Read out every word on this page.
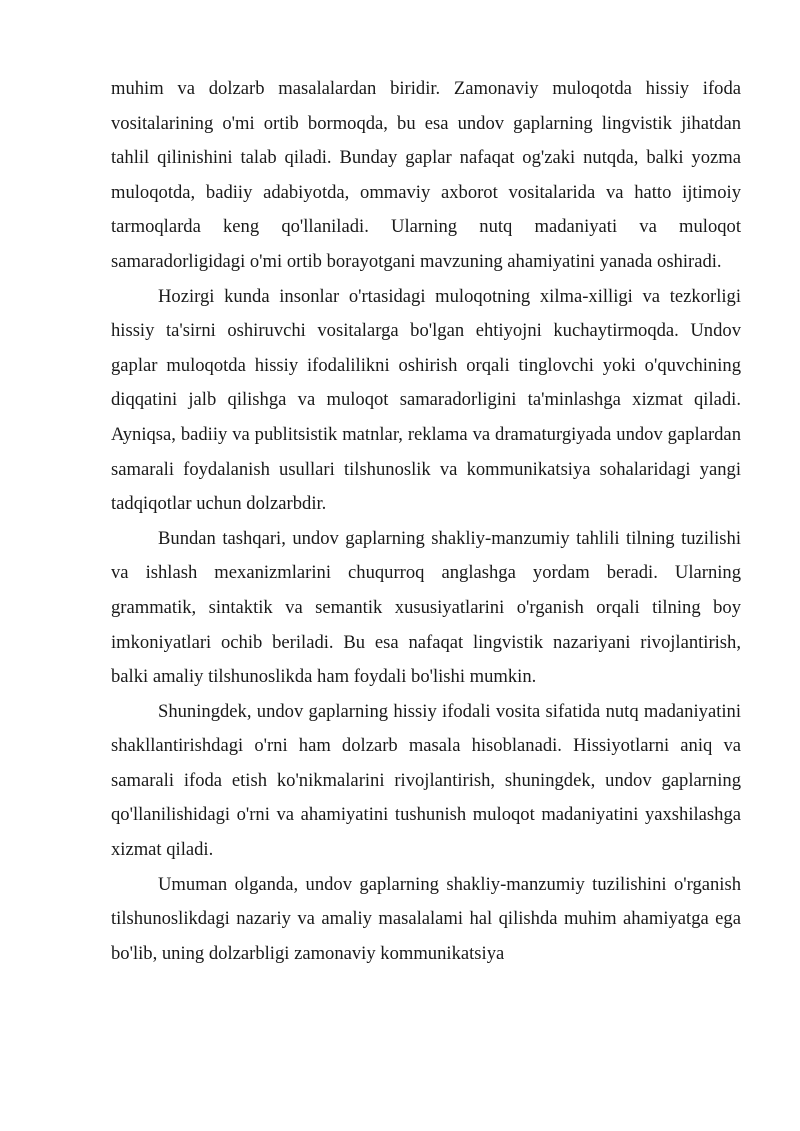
muhim va dolzarb masalalardan biridir. Zamonaviy muloqotda hissiy ifoda vositalarining o'mi ortib bormoqda, bu esa undov gaplarning lingvistik jihatdan tahlil qilinishini talab qiladi. Bunday gaplar nafaqat og'zaki nutqda, balki yozma muloqotda, badiiy adabiyotda, ommaviy axborot vositalarida va hatto ijtimoiy tarmoqlarda keng qo'llaniladi. Ularning nutq madaniyati va muloqot samaradorligidagi o'mi ortib borayotgani mavzuning ahamiyatini yanada oshiradi.

Hozirgi kunda insonlar o'rtasidagi muloqotning xilma-xilligi va tezkorligi hissiy ta'sirni oshiruvchi vositalarga bo'lgan ehtiyojni kuchaytirmoqda. Undov gaplar muloqotda hissiy ifodalilikni oshirish orqali tinglovchi yoki o'quvchining diqqatini jalb qilishga va muloqot samaradorligini ta'minlashga xizmat qiladi. Ayniqsa, badiiy va publitsistik matnlar, reklama va dramaturgiyada undov gaplardan samarali foydalanish usullari tilshunoslik va kommunikatsiya sohalaridagi yangi tadqiqotlar uchun dolzarbdir.

Bundan tashqari, undov gaplarning shakliy-manzumiy tahlili tilning tuzilishi va ishlash mexanizmlarini chuqurroq anglashga yordam beradi. Ularning grammatik, sintaktik va semantik xususiyatlarini o'rganish orqali tilning boy imkoniyatlari ochib beriladi. Bu esa nafaqat lingvistik nazariyani rivojlantirish, balki amaliy tilshunoslikda ham foydali bo'lishi mumkin.

Shuningdek, undov gaplarning hissiy ifodali vosita sifatida nutq madaniyatini shakllantirishdagi o'rni ham dolzarb masala hisoblanadi. Hissiyotlarni aniq va samarali ifoda etish ko'nikmalarini rivojlantirish, shuningdek, undov gaplarning qo'llanilishidagi o'rni va ahamiyatini tushunish muloqot madaniyatini yaxshilashga xizmat qiladi.

Umuman olganda, undov gaplarning shakliy-manzumiy tuzilishini o'rganish tilshunoslikdagi nazariy va amaliy masalalami hal qilishda muhim ahamiyatga ega bo'lib, uning dolzarbligi zamonaviy kommunikatsiya
